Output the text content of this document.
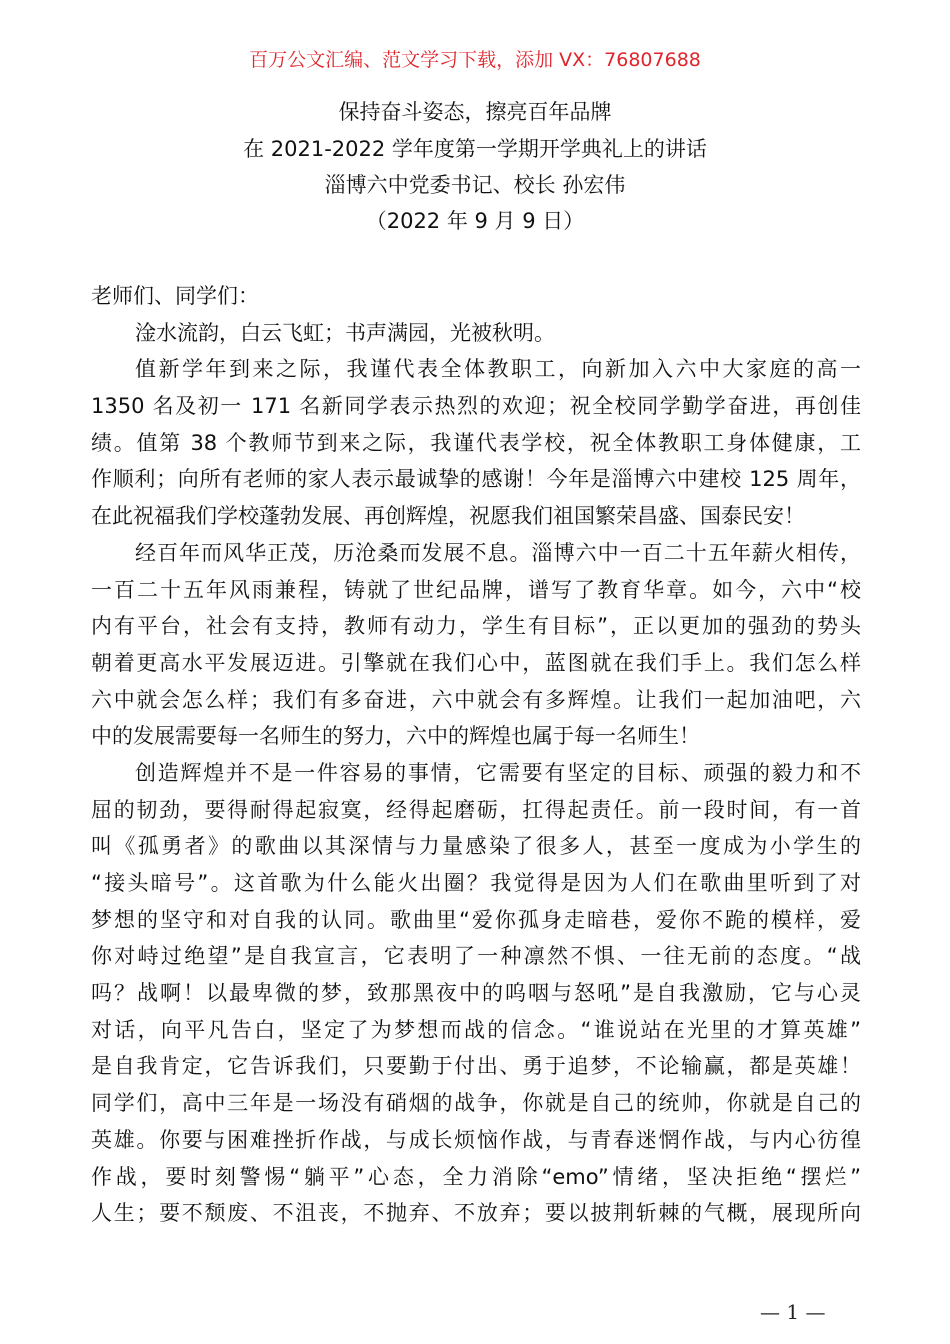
百万公文汇编、范文学习下载，添加 VX：76807688
保持奋斗姿态，擦亮百年品牌
在 2021-2022 学年度第一学期开学典礼上的讲话
淄博六中党委书记、校长 孙宏伟
（2022 年 9 月 9 日）
老师们、同学们：
淦水流韵，白云飞虹；书声满园，光被秋明。
值新学年到来之际，我谨代表全体教职工，向新加入六中大家庭的高一
1350 名及初一 171 名新同学表示热烈的欢迎；祝全校同学勤学奋进，再创佳
绩。值第 38 个教师节到来之际，我谨代表学校，祝全体教职工身体健康，工
作顺利；向所有老师的家人表示最诚挚的感谢！今年是淄博六中建校 125 周年，
在此祝福我们学校蓬勃发展、再创辉煌，祝愿我们祖国繁荣昌盛、国泰民安！
经百年而风华正茂，历沧桑而发展不息。淄博六中一百二十五年薪火相传，
一百二十五年风雨兼程，铸就了世纪品牌，谱写了教育华章。如今，六中“校
内有平台，社会有支持，教师有动力，学生有目标”，正以更加的强劲的势头
朝着更高水平发展迈进。引擎就在我们心中，蓝图就在我们手上。我们怎么样
六中就会怎么样；我们有多奋进，六中就会有多辉煌。让我们一起加油吧，六
中的发展需要每一名师生的努力，六中的辉煌也属于每一名师生！
创造辉煌并不是一件容易的事情，它需要有坚定的目标、顽强的毅力和不
屈的韧劲，要得耐得起寂寞，经得起磨砺，扛得起责任。前一段时间，有一首
叫《孤勇者》的歌曲以其深情与力量感染了很多人，甚至一度成为小学生的
“接头暗号”。这首歌为什么能火出圈？我觉得是因为人们在歌曲里听到了对
梦想的坚守和对自我的认同。歌曲里“爱你孤身走暗巷，爱你不跪的模样，爱
你对峙过绝望”是自我宣言，它表明了一种凛然不惧、一往无前的态度。“战
吗？战啊！以最卑微的梦，致那黑夜中的呜咽与怒吼”是自我激励，它与心灵
对话，向平凡告白，坚定了为梦想而战的信念。“谁说站在光里的才算英雄”
是自我肯定，它告诉我们，只要勤于付出、勇于追梦，不论输赢，都是英雄！
同学们，高中三年是一场没有硝烟的战争，你就是自己的统帅，你就是自己的
英雄。你要与困难挫折作战，与成长烦恼作战，与青春迷惘作战，与内心彷徨
作战，要时刻警惕“躺平”心态，全力消除“emo”情绪，坚决拒绝“摆烂”
人生；要不颓废、不沮丧，不抛弃、不放弃；要以披荆斩棘的气概，展现所向
— 1 —
